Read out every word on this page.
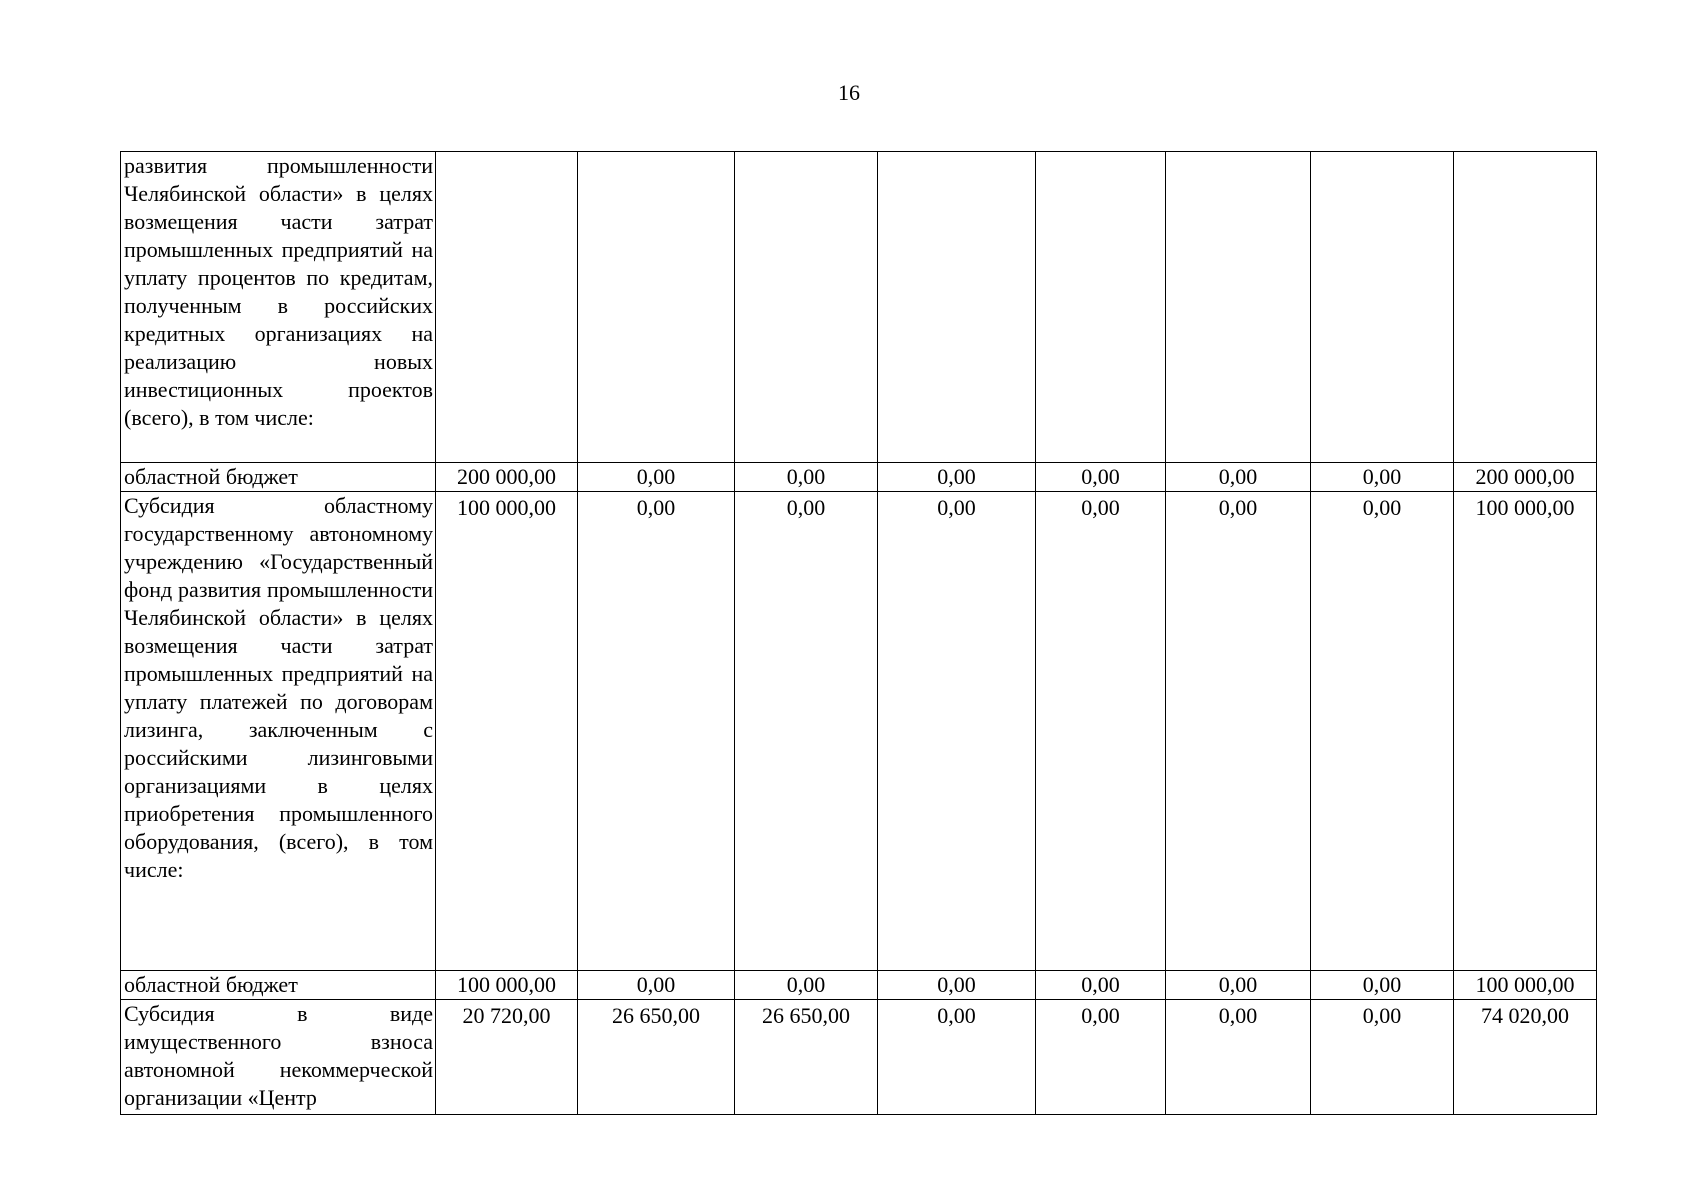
16
развития промышленности Челябинской области» в целях возмещения части затрат промышленных предприятий на уплату процентов по кредитам, полученным в российских кредитных организациях на реализацию новых инвестиционных проектов (всего), в том числе:								
областной бюджет	200 000,00	0,00	0,00	0,00	0,00	0,00	0,00	200 000,00
Субсидия областному государственному автономному учреждению «Государственный фонд развития промышленности Челябинской области» в целях возмещения части затрат промышленных предприятий на уплату платежей по договорам лизинга, заключенным с российскими лизинговыми организациями в целях приобретения промышленного оборудования, (всего), в том числе:	100 000,00	0,00	0,00	0,00	0,00	0,00	0,00	100 000,00
областной бюджет	100 000,00	0,00	0,00	0,00	0,00	0,00	0,00	100 000,00
Субсидия в виде имущественного взноса автономной некоммерческой организации «Центр	20 720,00	26 650,00	26 650,00	0,00	0,00	0,00	0,00	74 020,00
